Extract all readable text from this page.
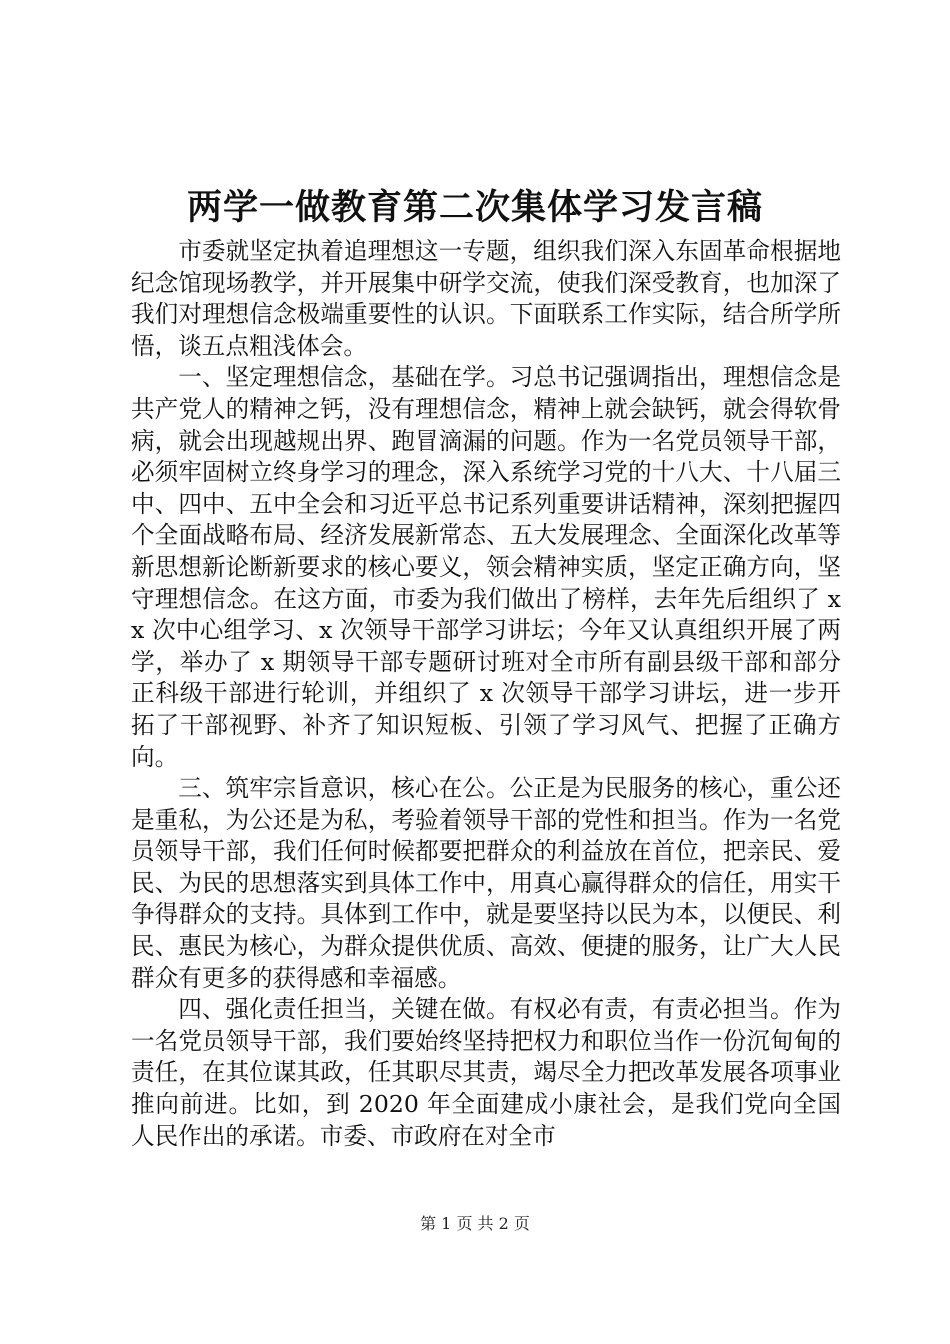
两学一做教育第二次集体学习发言稿

市委就坚定执着追理想这一专题，组织我们深入东固革命根据地纪念馆现场教学，并开展集中研学交流，使我们深受教育，也加深了我们对理想信念极端重要性的认识。下面联系工作实际，结合所学所悟，谈五点粗浅体会。

一、坚定理想信念，基础在学。习总书记强调指出，理想信念是共产党人的精神之钙，没有理想信念，精神上就会缺钙，就会得软骨病，就会出现越规出界、跑冒滴漏的问题。作为一名党员领导干部，必须牢固树立终身学习的理念，深入系统学习党的十八大、十八届三中、四中、五中全会和习近平总书记系列重要讲话精神，深刻把握四个全面战略布局、经济发展新常态、五大发展理念、全面深化改革等新思想新论断新要求的核心要义，领会精神实质，坚定正确方向，坚守理想信念。在这方面，市委为我们做出了榜样，去年先后组织了 xx 次中心组学习、x 次领导干部学习讲坛；今年又认真组织开展了两学，举办了 x 期领导干部专题研讨班对全市所有副县级干部和部分正科级干部进行轮训，并组织了 x 次领导干部学习讲坛，进一步开拓了干部视野、补齐了知识短板、引领了学习风气、把握了正确方向。

三、筑牢宗旨意识，核心在公。公正是为民服务的核心，重公还是重私，为公还是为私，考验着领导干部的党性和担当。作为一名党员领导干部，我们任何时候都要把群众的利益放在首位，把亲民、爱民、为民的思想落实到具体工作中，用真心赢得群众的信任，用实干争得群众的支持。具体到工作中，就是要坚持以民为本，以便民、利民、惠民为核心，为群众提供优质、高效、便捷的服务，让广大人民群众有更多的获得感和幸福感。

四、强化责任担当，关键在做。有权必有责，有责必担当。作为一名党员领导干部，我们要始终坚持把权力和职位当作一份沉甸甸的责任，在其位谋其政，任其职尽其责，竭尽全力把改革发展各项事业推向前进。比如，到 2020 年全面建成小康社会，是我们党向全国人民作出的承诺。市委、市政府在对全市

第 1 页 共 2 页
